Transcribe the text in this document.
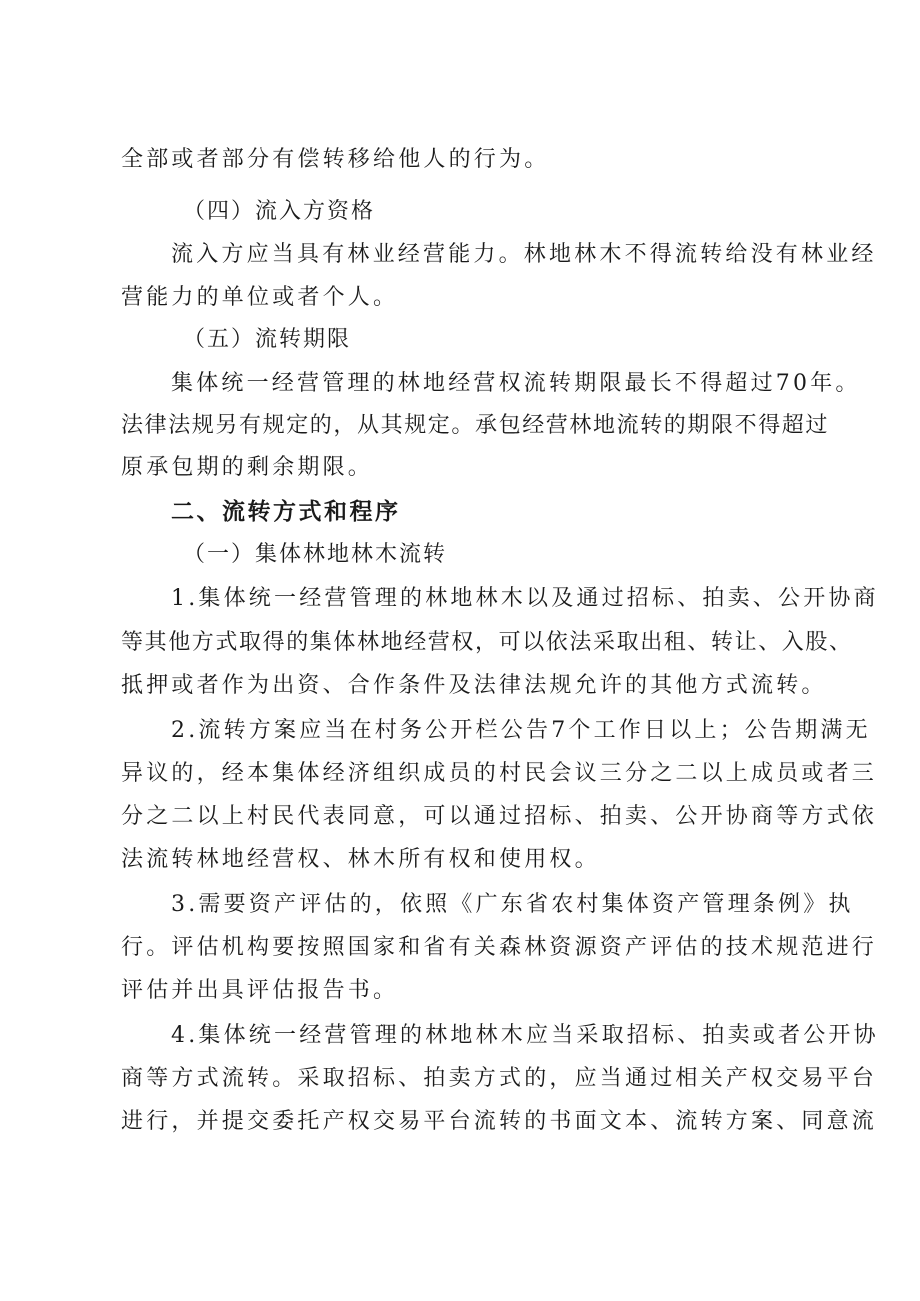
全部或者部分有偿转移给他人的行为。
（四）流入方资格
流入方应当具有林业经营能力。林地林木不得流转给没有林业经
营能力的单位或者个人。
（五）流转期限
集体统一经营管理的林地经营权流转期限最长不得超过70年。
法律法规另有规定的，从其规定。承包经营林地流转的期限不得超过
原承包期的剩余期限。
二、流转方式和程序
（一）集体林地林木流转
1.集体统一经营管理的林地林木以及通过招标、拍卖、公开协商
等其他方式取得的集体林地经营权，可以依法采取出租、转让、入股、
抵押或者作为出资、合作条件及法律法规允许的其他方式流转。
2.流转方案应当在村务公开栏公告7个工作日以上；公告期满无
异议的，经本集体经济组织成员的村民会议三分之二以上成员或者三
分之二以上村民代表同意，可以通过招标、拍卖、公开协商等方式依
法流转林地经营权、林木所有权和使用权。
3.需要资产评估的，依照《广东省农村集体资产管理条例》执
行。评估机构要按照国家和省有关森林资源资产评估的技术规范进行
评估并出具评估报告书。
4.集体统一经营管理的林地林木应当采取招标、拍卖或者公开协
商等方式流转。采取招标、拍卖方式的，应当通过相关产权交易平台
进行，并提交委托产权交易平台流转的书面文本、流转方案、同意流
